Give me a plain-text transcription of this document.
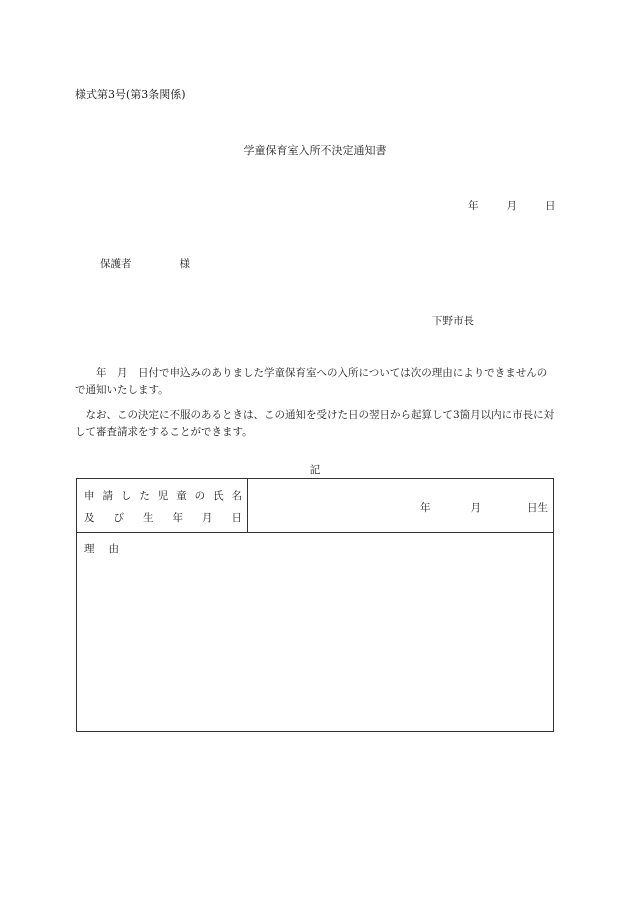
様式第3号(第3条関係)
学童保育室入所不決定通知書
年	月	日
保護者	様
下野市長
　　年　月　日付で申込みのありました学童保育室への入所については次の理由によりできませんので通知いたします。
　なお、この決定に不服のあるときは、この通知を受けた日の翌日から起算して3箇月以内に市長に対して審査請求をすることができます。
記
申 請 し た 児 童 の 氏 名
及 び 生 年 月 日
年	月	日生
理 由
